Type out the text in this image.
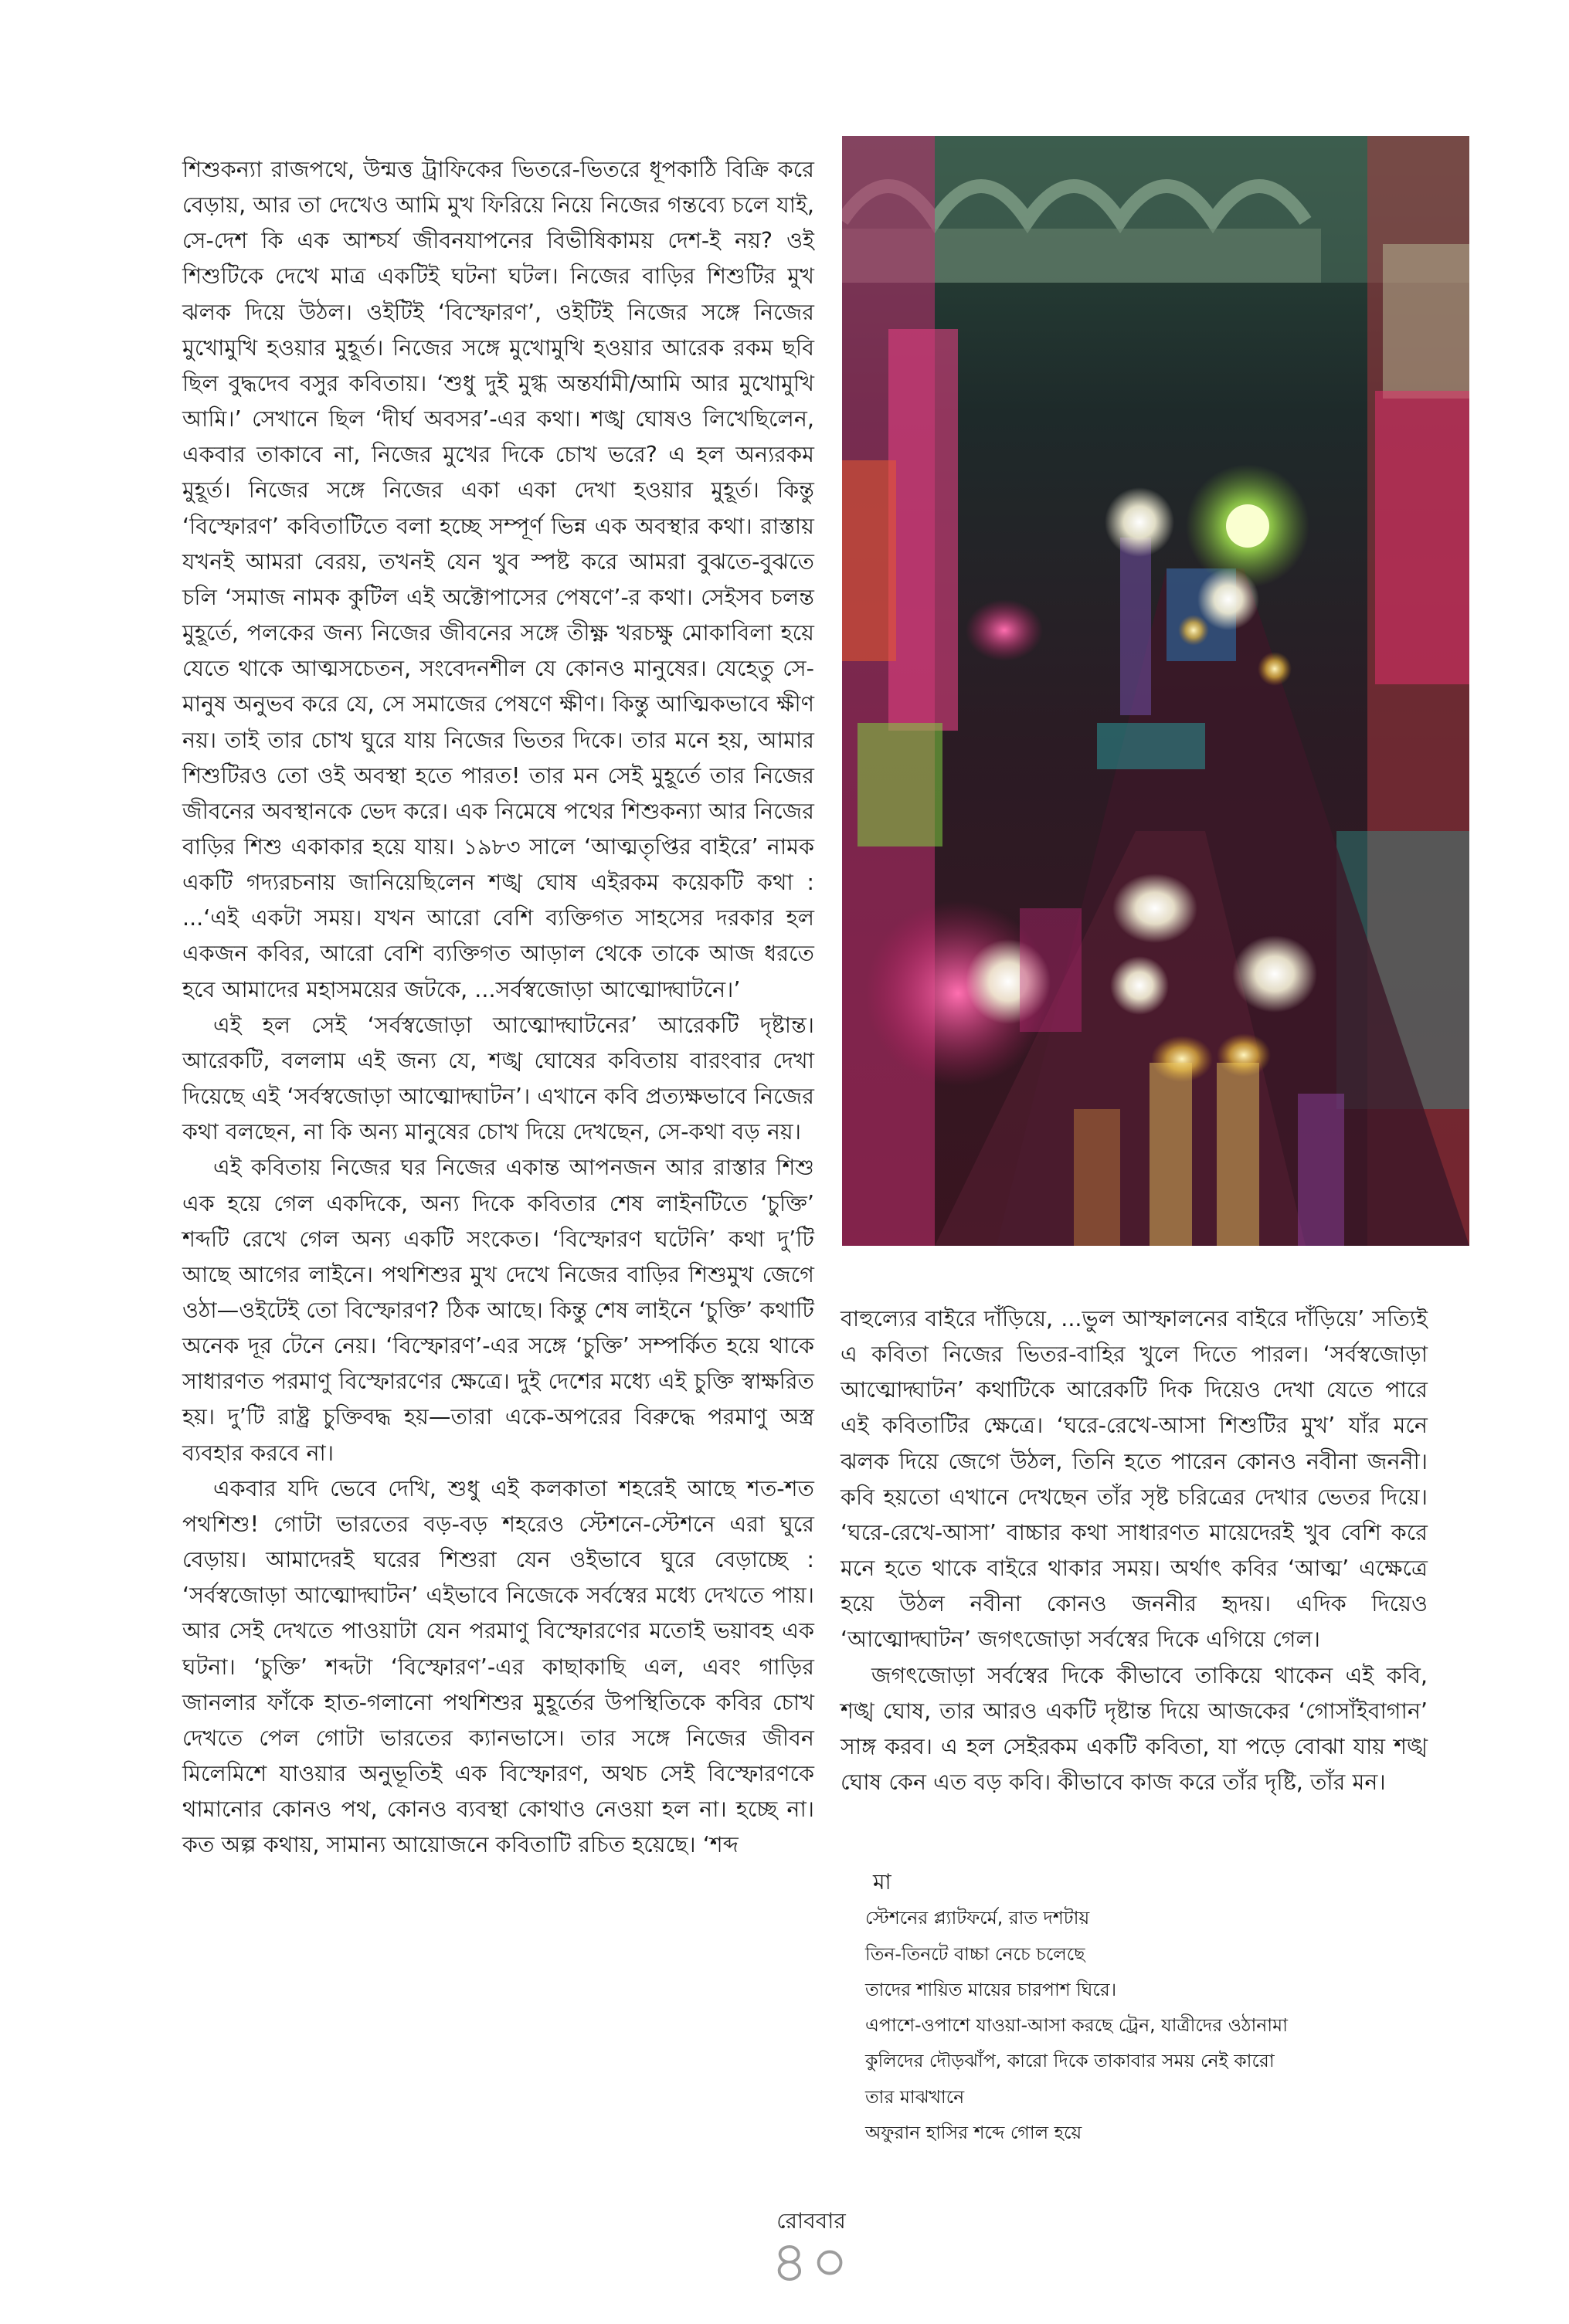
শিশুকন্যা রাজপথে, উন্মত্ত ট্রাফিকের ভিতরে-ভিতরে ধূপকাঠি বিক্রি করে বেড়ায়, আর তা দেখেও আমি মুখ ফিরিয়ে নিয়ে নিজের গন্তব্যে চলে যাই, সে-দেশ কি এক আশ্চর্য জীবনযাপনের বিভীষিকাময় দেশ-ই নয়? ওই শিশুটিকে দেখে মাত্র একটিই ঘটনা ঘটল। নিজের বাড়ির শিশুটির মুখ ঝলক দিয়ে উঠল। ওইটিই ‘বিস্ফোরণ’, ওইটিই নিজের সঙ্গে নিজের মুখোমুখি হওয়ার মুহূর্ত। নিজের সঙ্গে মুখোমুখি হওয়ার আরেক রকম ছবি ছিল বুদ্ধদেব বসুর কবিতায়। ‘শুধু দুই মুগ্ধ অন্তর্যামী/আমি আর মুখোমুখি আমি।’ সেখানে ছিল ‘দীর্ঘ অবসর’-এর কথা। শঙ্খ ঘোষও লিখেছিলেন, একবার তাকাবে না, নিজের মুখের দিকে চোখ ভরে? এ হল অন্যরকম মুহূর্ত। নিজের সঙ্গে নিজের একা একা দেখা হওয়ার মুহূর্ত। কিন্তু ‘বিস্ফোরণ’ কবিতাটিতে বলা হচ্ছে সম্পূর্ণ ভিন্ন এক অবস্থার কথা। রাস্তায় যখনই আমরা বেরয়, তখনই যেন খুব স্পষ্ট করে আমরা বুঝতে-বুঝতে চলি ‘সমাজ নামক কুটিল এই অক্টোপাসের পেষণে’-র কথা। সেইসব চলন্ত মুহূর্তে, পলকের জন্য নিজের জীবনের সঙ্গে তীক্ষ্ণ খরচক্ষু মোকাবিলা হয়ে যেতে থাকে আত্মসচেতন, সংবেদনশীল যে কোনও মানুষের। যেহেতু সে-মানুষ অনুভব করে যে, সে সমাজের পেষণে ক্ষীণ। কিন্তু আত্মিকভাবে ক্ষীণ নয়। তাই তার চোখ ঘুরে যায় নিজের ভিতর দিকে। তার মনে হয়, আমার শিশুটিরও তো ওই অবস্থা হতে পারত! তার মন সেই মুহূর্তে তার নিজের জীবনের অবস্থানকে ভেদ করে। এক নিমেষে পথের শিশুকন্যা আর নিজের বাড়ির শিশু একাকার হয়ে যায়। ১৯৮৩ সালে ‘আত্মতৃপ্তির বাইরে’ নামক একটি গদ্যরচনায় জানিয়েছিলেন শঙ্খ ঘোষ এইরকম কয়েকটি কথা : ...‘এই একটা সময়। যখন আরো বেশি ব্যক্তিগত সাহসের দরকার হল একজন কবির, আরো বেশি ব্যক্তিগত আড়াল থেকে তাকে আজ ধরতে হবে আমাদের মহাসময়ের জটকে, ...সর্বস্বজোড়া আত্মোদ্ঘাটনে।’

এই হল সেই ‘সর্বস্বজোড়া আত্মোদ্ঘাটনের’ আরেকটি দৃষ্টান্ত। আরেকটি, বললাম এই জন্য যে, শঙ্খ ঘোষের কবিতায় বারংবার দেখা দিয়েছে এই ‘সর্বস্বজোড়া আত্মোদ্ঘাটন’। এখানে কবি প্রত্যক্ষভাবে নিজের কথা বলছেন, না কি অন্য মানুষের চোখ দিয়ে দেখছেন, সে-কথা বড় নয়।

এই কবিতায় নিজের ঘর নিজের একান্ত আপনজন আর রাস্তার শিশু এক হয়ে গেল একদিকে, অন্য দিকে কবিতার শেষ লাইনটিতে ‘চুক্তি’ শব্দটি রেখে গেল অন্য একটি সংকেত। ‘বিস্ফোরণ ঘটেনি’ কথা দু’টি আছে আগের লাইনে। পথশিশুর মুখ দেখে নিজের বাড়ির শিশুমুখ জেগে ওঠা—ওইটেই তো বিস্ফোরণ? ঠিক আছে। কিন্তু শেষ লাইনে ‘চুক্তি’ কথাটি অনেক দূর টেনে নেয়। ‘বিস্ফোরণ’-এর সঙ্গে ‘চুক্তি’ সম্পর্কিত হয়ে থাকে সাধারণত পরমাণু বিস্ফোরণের ক্ষেত্রে। দুই দেশের মধ্যে এই চুক্তি স্বাক্ষরিত হয়। দু’টি রাষ্ট্র চুক্তিবদ্ধ হয়—তারা একে-অপরের বিরুদ্ধে পরমাণু অস্ত্র ব্যবহার করবে না।

একবার যদি ভেবে দেখি, শুধু এই কলকাতা শহরেই আছে শত-শত পথশিশু! গোটা ভারতের বড়-বড় শহরেও স্টেশনে-স্টেশনে এরা ঘুরে বেড়ায়। আমাদেরই ঘরের শিশুরা যেন ওইভাবে ঘুরে বেড়াচ্ছে : ‘সর্বস্বজোড়া আত্মোদ্ঘাটন’ এইভাবে নিজেকে সর্বস্বের মধ্যে দেখতে পায়। আর সেই দেখতে পাওয়াটা যেন পরমাণু বিস্ফোরণের মতোই ভয়াবহ এক ঘটনা। ‘চুক্তি’ শব্দটা ‘বিস্ফোরণ’-এর কাছাকাছি এল, এবং গাড়ির জানলার ফাঁকে হাত-গলানো পথশিশুর মুহূর্তের উপস্থিতিকে কবির চোখ দেখতে পেল গোটা ভারতের ক্যানভাসে। তার সঙ্গে নিজের জীবন মিলেমিশে যাওয়ার অনুভূতিই এক বিস্ফোরণ, অথচ সেই বিস্ফোরণকে থামানোর কোনও পথ, কোনও ব্যবস্থা কোথাও নেওয়া হল না। হচ্ছে না। কত অল্প কথায়, সামান্য আয়োজনে কবিতাটি রচিত হয়েছে। ‘শব্দ

বাহুল্যের বাইরে দাঁড়িয়ে, ...ভুল আস্ফালনের বাইরে দাঁড়িয়ে’ সত্যিই এ কবিতা নিজের ভিতর-বাহির খুলে দিতে পারল। ‘সর্বস্বজোড়া আত্মোদ্ঘাটন’ কথাটিকে আরেকটি দিক দিয়েও দেখা যেতে পারে এই কবিতাটির ক্ষেত্রে। ‘ঘরে-রেখে-আসা শিশুটির মুখ’ যাঁর মনে ঝলক দিয়ে জেগে উঠল, তিনি হতে পারেন কোনও নবীনা জননী। কবি হয়তো এখানে দেখছেন তাঁর সৃষ্ট চরিত্রের দেখার ভেতর দিয়ে। ‘ঘরে-রেখে-আসা’ বাচ্চার কথা সাধারণত মায়েদেরই খুব বেশি করে মনে হতে থাকে বাইরে থাকার সময়। অর্থাৎ কবির ‘আত্ম’ এক্ষেত্রে হয়ে উঠল নবীনা কোনও জননীর হৃদয়। এদিক দিয়েও ‘আত্মোদ্ঘাটন’ জগৎজোড়া সর্বস্বের দিকে এগিয়ে গেল।

জগৎজোড়া সর্বস্বের দিকে কীভাবে তাকিয়ে থাকেন এই কবি, শঙ্খ ঘোষ, তার আরও একটি দৃষ্টান্ত দিয়ে আজকের ‘গোসাঁইবাগান’ সাঙ্গ করব। এ হল সেইরকম একটি কবিতা, যা পড়ে বোঝা যায় শঙ্খ ঘোষ কেন এত বড় কবি। কীভাবে কাজ করে তাঁর দৃষ্টি, তাঁর মন।

মা
স্টেশনের প্ল্যাটফর্মে, রাত দশটায়
তিন-তিনটে বাচ্চা নেচে চলেছে
তাদের শায়িত মায়ের চারপাশ ঘিরে।
এপাশে-ওপাশে যাওয়া-আসা করছে ট্রেন, যাত্রীদের ওঠানামা
কুলিদের দৌড়ঝাঁপ, কারো দিকে তাকাবার সময় নেই কারো
তার মাঝখানে
অফুরান হাসির শব্দে গোল হয়ে
রোববার
৪০
